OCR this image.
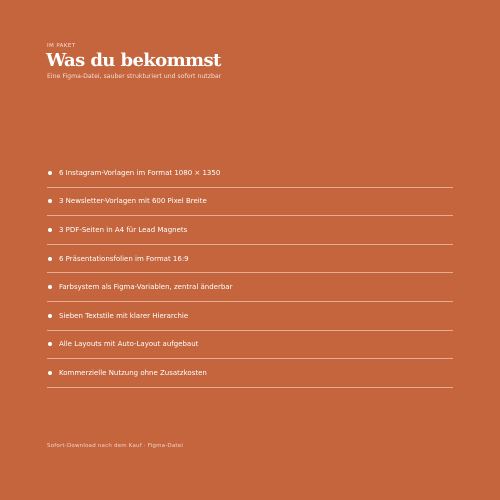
IM PAKET
Was du bekommst
Eine Figma-Datei, sauber strukturiert und sofort nutzbar
6 Instagram-Vorlagen im Format 1080 × 1350
3 Newsletter-Vorlagen mit 600 Pixel Breite
3 PDF-Seiten in A4 für Lead Magnets
6 Präsentationsfolien im Format 16:9
Farbsystem als Figma-Variablen, zentral änderbar
Sieben Textstile mit klarer Hierarchie
Alle Layouts mit Auto-Layout aufgebaut
Kommerzielle Nutzung ohne Zusatzkosten
Sofort-Download nach dem Kauf · Figma-Datei
